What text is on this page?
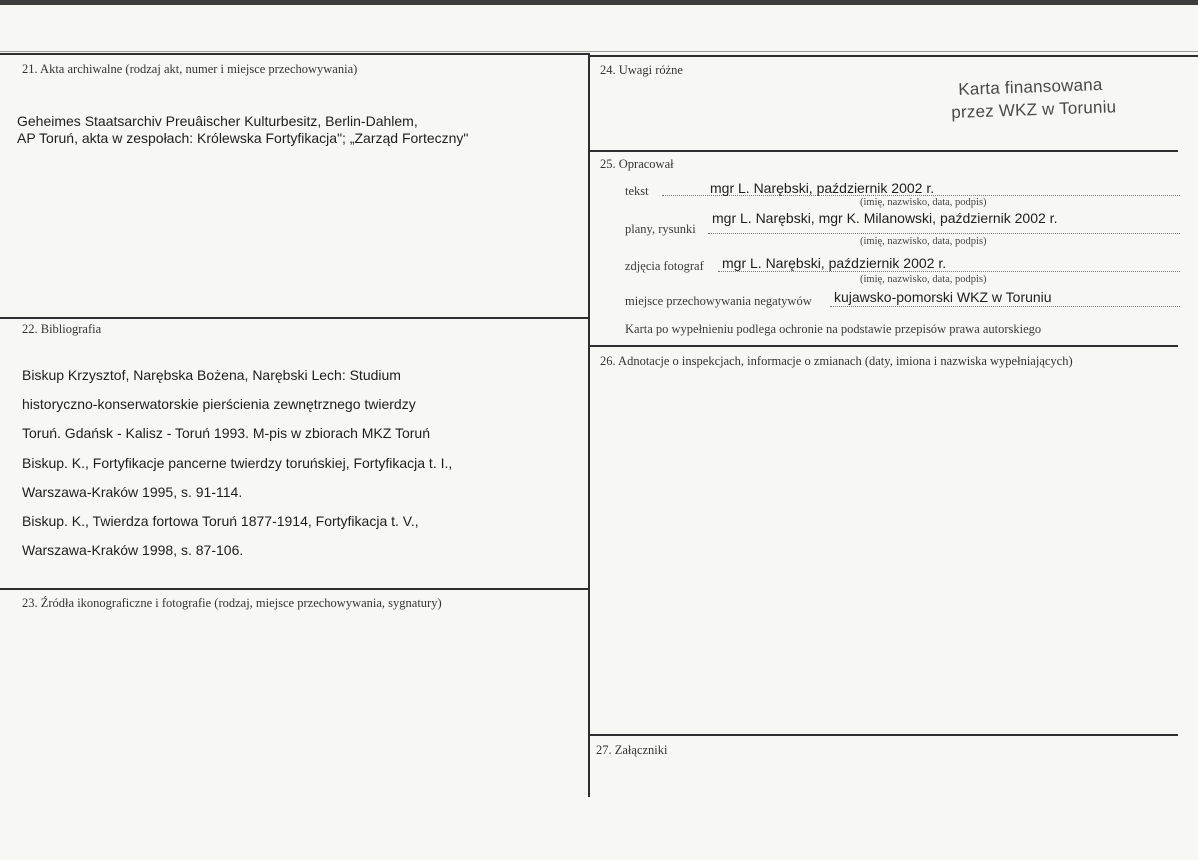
21. Akta archiwalne (rodzaj akt, numer i miejsce przechowywania)
Geheimes Staatsarchiv Preuâischer Kulturbesitz, Berlin-Dahlem,
AP Toruń, akta w zespołach: Królewska Fortyfikacja"; „Zarząd Forteczny"
22. Bibliografia
Biskup Krzysztof, Narębska Bożena, Narębski Lech: Studium
historyczno-konserwatorskie pierścienia zewnętrznego twierdzy
Toruń. Gdańsk - Kalisz - Toruń 1993. M-pis w zbiorach MKZ Toruń
Biskup. K., Fortyfikacje pancerne twierdzy toruńskiej, Fortyfikacja t. I.,
Warszawa-Kraków 1995, s. 91-114.
Biskup. K., Twierdza fortowa Toruń 1877-1914, Fortyfikacja t. V.,
Warszawa-Kraków 1998, s. 87-106.
23. Źródła ikonograficzne i fotografie (rodzaj, miejsce przechowywania, sygnatury)
24. Uwagi różne
Karta finansowana
przez WKZ w Toruniu
25. Opracował
tekst	mgr L. Narębski, październik 2002 r.
(imię, nazwisko, data, podpis)
plany, rysunki
mgr L. Narębski, mgr K. Milanowski, październik 2002 r.
(imię, nazwisko, data, podpis)
zdjęcia fotograf mgr L. Narębski, październik 2002 r.
(imię, nazwisko, data, podpis)
miejsce przechowywania negatywów kujawsko-pomorski WKZ w Toruniu
Karta po wypełnieniu podlega ochronie na podstawie przepisów prawa autorskiego
26. Adnotacje o inspekcjach, informacje o zmianach (daty, imiona i nazwiska wypełniających)
27. Załączniki
